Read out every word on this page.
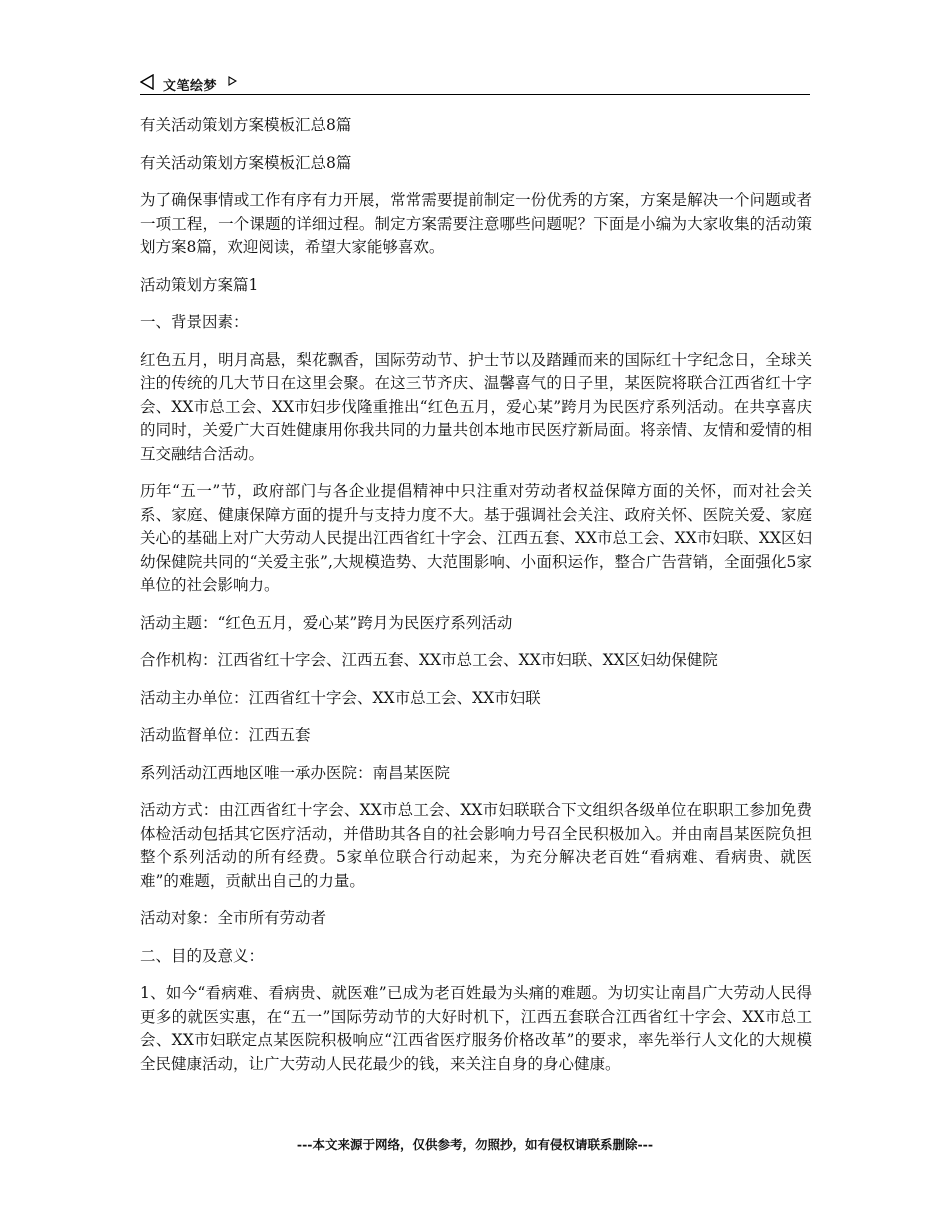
文笔绘梦

有关活动策划方案模板汇总8篇

有关活动策划方案模板汇总8篇

为了确保事情或工作有序有力开展，常常需要提前制定一份优秀的方案，方案是解决一个问题或者一项工程，一个课题的详细过程。制定方案需要注意哪些问题呢？下面是小编为大家收集的活动策划方案8篇，欢迎阅读，希望大家能够喜欢。

活动策划方案篇1

一、背景因素：

红色五月，明月高悬，梨花飘香，国际劳动节、护士节以及踏踵而来的国际红十字纪念日，全球关注的传统的几大节日在这里会聚。在这三节齐庆、温馨喜气的日子里，某医院将联合江西省红十字会、XX市总工会、XX市妇步伐隆重推出“红色五月，爱心某”跨月为民医疗系列活动。在共享喜庆的同时，关爱广大百姓健康用你我共同的力量共创本地市民医疗新局面。将亲情、友情和爱情的相互交融结合活动。

历年“五一”节，政府部门与各企业提倡精神中只注重对劳动者权益保障方面的关怀，而对社会关系、家庭、健康保障方面的提升与支持力度不大。基于强调社会关注、政府关怀、医院关爱、家庭关心的基础上对广大劳动人民提出江西省红十字会、江西五套、XX市总工会、XX市妇联、XX区妇幼保健院共同的“关爱主张”,大规模造势、大范围影响、小面积运作，整合广告营销，全面强化5家单位的社会影响力。

活动主题：“红色五月，爱心某”跨月为民医疗系列活动

合作机构：江西省红十字会、江西五套、XX市总工会、XX市妇联、XX区妇幼保健院

活动主办单位：江西省红十字会、XX市总工会、XX市妇联

活动监督单位：江西五套

系列活动江西地区唯一承办医院：南昌某医院

活动方式：由江西省红十字会、XX市总工会、XX市妇联联合下文组织各级单位在职职工参加免费体检活动包括其它医疗活动，并借助其各自的社会影响力号召全民积极加入。并由南昌某医院负担整个系列活动的所有经费。5家单位联合行动起来，为充分解决老百姓“看病难、看病贵、就医难”的难题，贡献出自己的力量。

活动对象：全市所有劳动者

二、目的及意义：

1、如今“看病难、看病贵、就医难”已成为老百姓最为头痛的难题。为切实让南昌广大劳动人民得更多的就医实惠，在“五一”国际劳动节的大好时机下，江西五套联合江西省红十字会、XX市总工会、XX市妇联定点某医院积极响应“江西省医疗服务价格改革”的要求，率先举行人文化的大规模全民健康活动，让广大劳动人民花最少的钱，来关注自身的身心健康。

---本文来源于网络，仅供参考，勿照抄，如有侵权请联系删除---
